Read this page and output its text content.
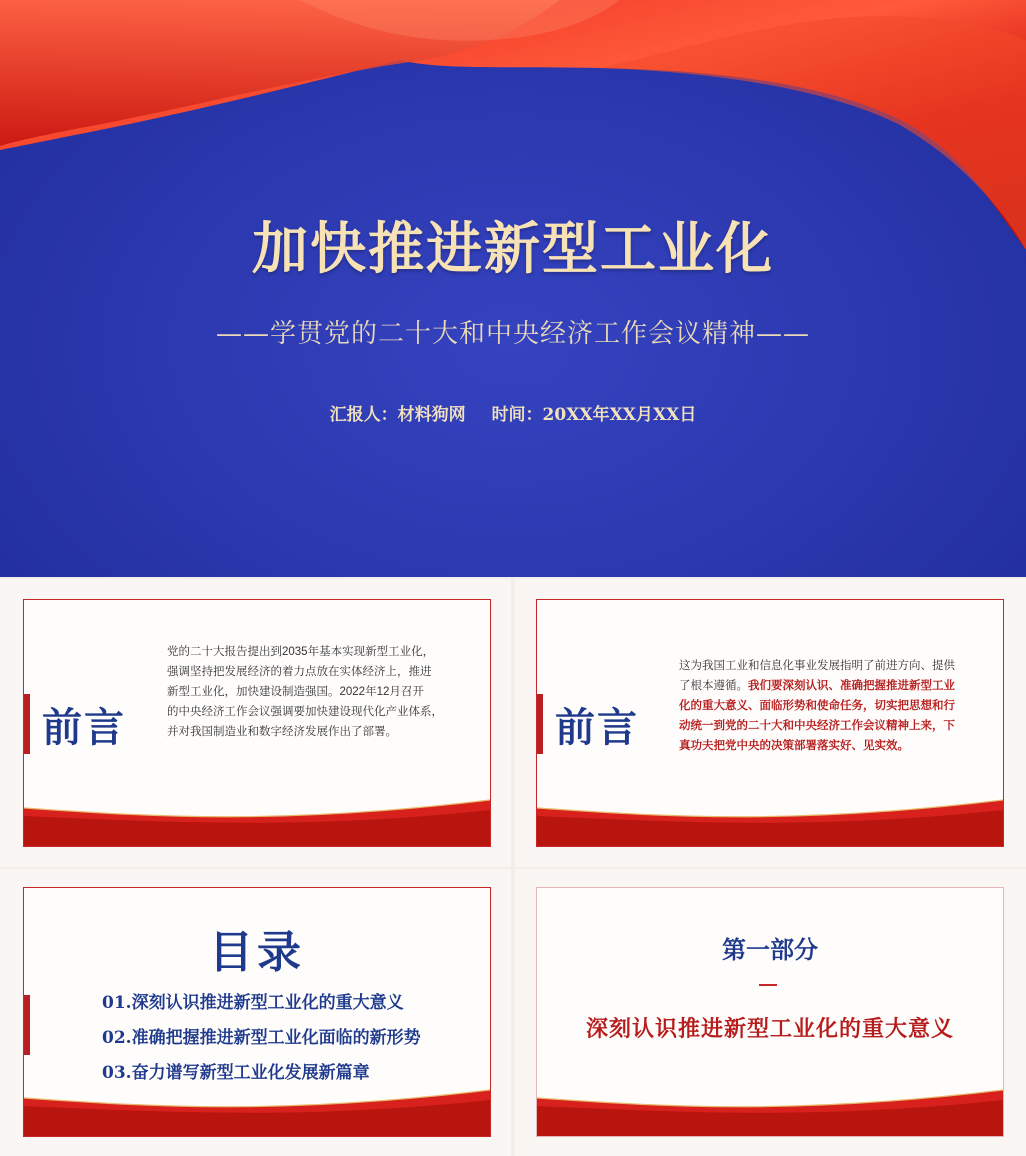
加快推进新型工业化
——学贯党的二十大和中央经济工作会议精神——
汇报人：材料狗网 时间：20XX年XX月XX日
前言
党的二十大报告提出到2035年基本实现新型工业化，
强调坚持把发展经济的着力点放在实体经济上，推进
新型工业化，加快建设制造强国。2022年12月召开
的中央经济工作会议强调要加快建设现代化产业体系，
并对我国制造业和数字经济发展作出了部署。	前言
这为我国工业和信息化事业发展指明了前进方向、提供了根本遵循。我们要深刻认识、准确把握推进新型工业化的重大意义、面临形势和使命任务，切实把思想和行动统一到党的二十大和中央经济工作会议精神上来，下真功夫把党中央的决策部署落实好、见实效。
目录
01.深刻认识推进新型工业化的重大意义
02.准确把握推进新型工业化面临的新形势
03.奋力谱写新型工业化发展新篇章
第一部分
深刻认识推进新型工业化的重大意义
